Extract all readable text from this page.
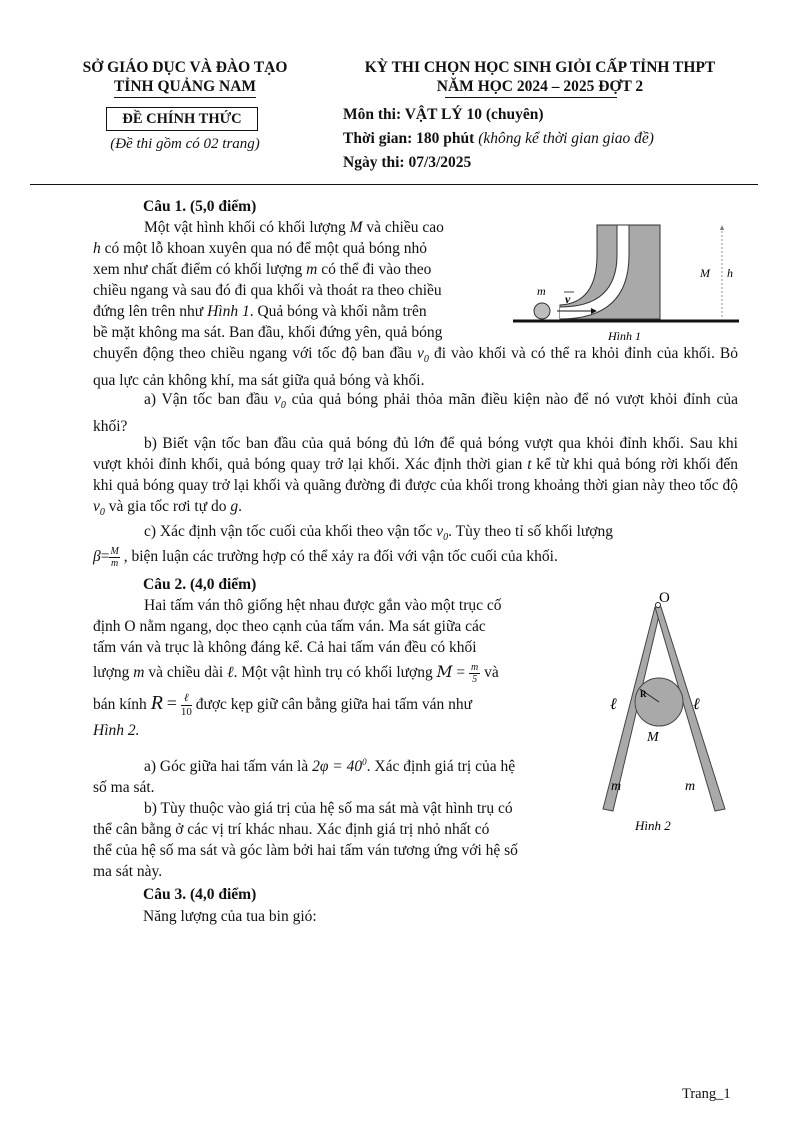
SỞ GIÁO DỤC VÀ ĐÀO TẠO
TỈNH QUẢNG NAM
ĐỀ CHÍNH THỨC
(Đề thi gồm có 02 trang)
KỲ THI CHỌN HỌC SINH GIỎI CẤP TỈNH THPT
NĂM HỌC 2024 – 2025 ĐỢT 2
Môn thi: VẬT LÝ 10 (chuyên)
Thời gian: 180 phút (không kể thời gian giao đề)
Ngày thi: 07/3/2025
Câu 1. (5,0 điểm)
Một vật hình khối có khối lượng M và chiều cao
h có một lỗ khoan xuyên qua nó để một quả bóng nhỏ
xem như chất điểm có khối lượng m có thể đi vào theo
chiều ngang và sau đó đi qua khối và thoát ra theo chiều
đứng lên trên như Hình 1. Quả bóng và khối nằm trên
bề mặt không ma sát. Ban đầu, khối đứng yên, quả bóng
m
v
M h
Hình 1
chuyển động theo chiều ngang với tốc độ ban đầu $v_0$ đi vào khối và có thể ra khỏi đỉnh của khối. Bỏ qua lực cản không khí, ma sát giữa quả bóng và khối.
a) Vận tốc ban đầu $v_0$ của quả bóng phải thỏa mãn điều kiện nào để nó vượt khỏi đỉnh của khối?
b) Biết vận tốc ban đầu của quả bóng đủ lớn để quả bóng vượt qua khỏi đỉnh khối. Sau khi vượt khỏi đỉnh khối, quả bóng quay trở lại khối. Xác định thời gian t kể từ khi quả bóng rời khối đến khi quả bóng quay trở lại khối và quãng đường đi được của khối trong khoảng thời gian này theo tốc độ $v_0$ và gia tốc rơi tự do g.
c) Xác định vận tốc cuối của khối theo vận tốc $v_0$. Tùy theo tỉ số khối lượng
$\beta= \frac{M}{m}$ , biện luận các trường hợp có thể xảy ra đối với vận tốc cuối của khối.
Câu 2. (4,0 điểm)
Hai tấm ván thô giống hệt nhau được gắn vào một trục cố
định O nằm ngang, dọc theo cạnh của tấm ván. Ma sát giữa các
tấm ván và trục là không đáng kể. Cả hai tấm ván đều có khối
lượng m và chiều dài ℓ. Một vật hình trụ có khối lượng $M = \frac{m}{5}$ và
bán kính R = ℓ
10 được kẹp giữ cân bằng giữa hai tấm ván như
Hình 2.
a) Góc giữa hai tấm ván là $2\varphi = 40^0$. Xác định giá trị của hệ
số ma sát.
b) Tùy thuộc vào giá trị của hệ số ma sát mà vật hình trụ có
thể cân bằng ở các vị trí khác nhau. Xác định giá trị nhỏ nhất có
thể của hệ số ma sát và góc làm bởi hai tấm ván tương ứng với hệ số
ma sát này.
O
R
M
ℓ	ℓ
m	m
Hình 2
Câu 3. (4,0 điểm)
Năng lượng của tua bin gió:
Trang_1
